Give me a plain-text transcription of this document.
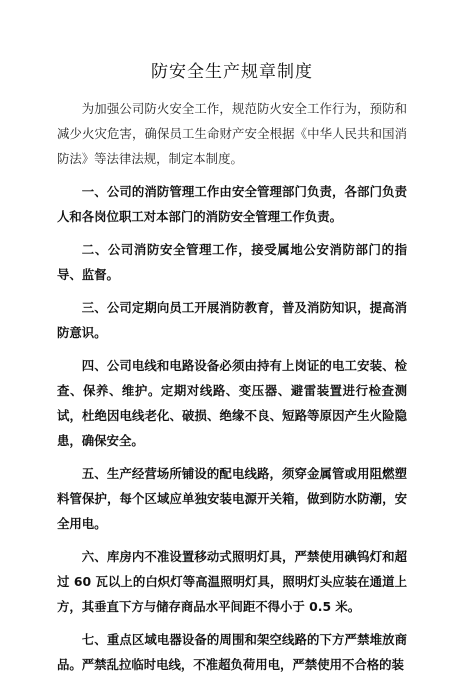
防安全生产规章制度

为加强公司防火安全工作，规范防火安全工作行为，预防和减少火灾危害，确保员工生命财产安全根据《中华人民共和国消防法》等法律法规，制定本制度。

一、公司的消防管理工作由安全管理部门负责，各部门负责人和各岗位职工对本部门的消防安全管理工作负责。

二、公司消防安全管理工作，接受属地公安消防部门的指导、监督。

三、公司定期向员工开展消防教育，普及消防知识，提高消防意识。

四、公司电线和电路设备必须由持有上岗证的电工安装、检查、保养、维护。定期对线路、变压器、避雷装置进行检查测试，杜绝因电线老化、破损、绝缘不良、短路等原因产生火险隐患，确保安全。

五、生产经营场所铺设的配电线路，须穿金属管或用阻燃塑料管保护，每个区域应单独安装电源开关箱，做到防水防潮，安全用电。

六、库房内不准设置移动式照明灯具，严禁使用碘钨灯和超过 60 瓦以上的白炽灯等高温照明灯具，照明灯头应装在通道上方，其垂直下方与储存商品水平间距不得小于 0.5 米。

七、重点区域电器设备的周围和架空线路的下方严禁堆放商品。严禁乱拉临时电线，不准超负荷用电，严禁使用不合格的装
